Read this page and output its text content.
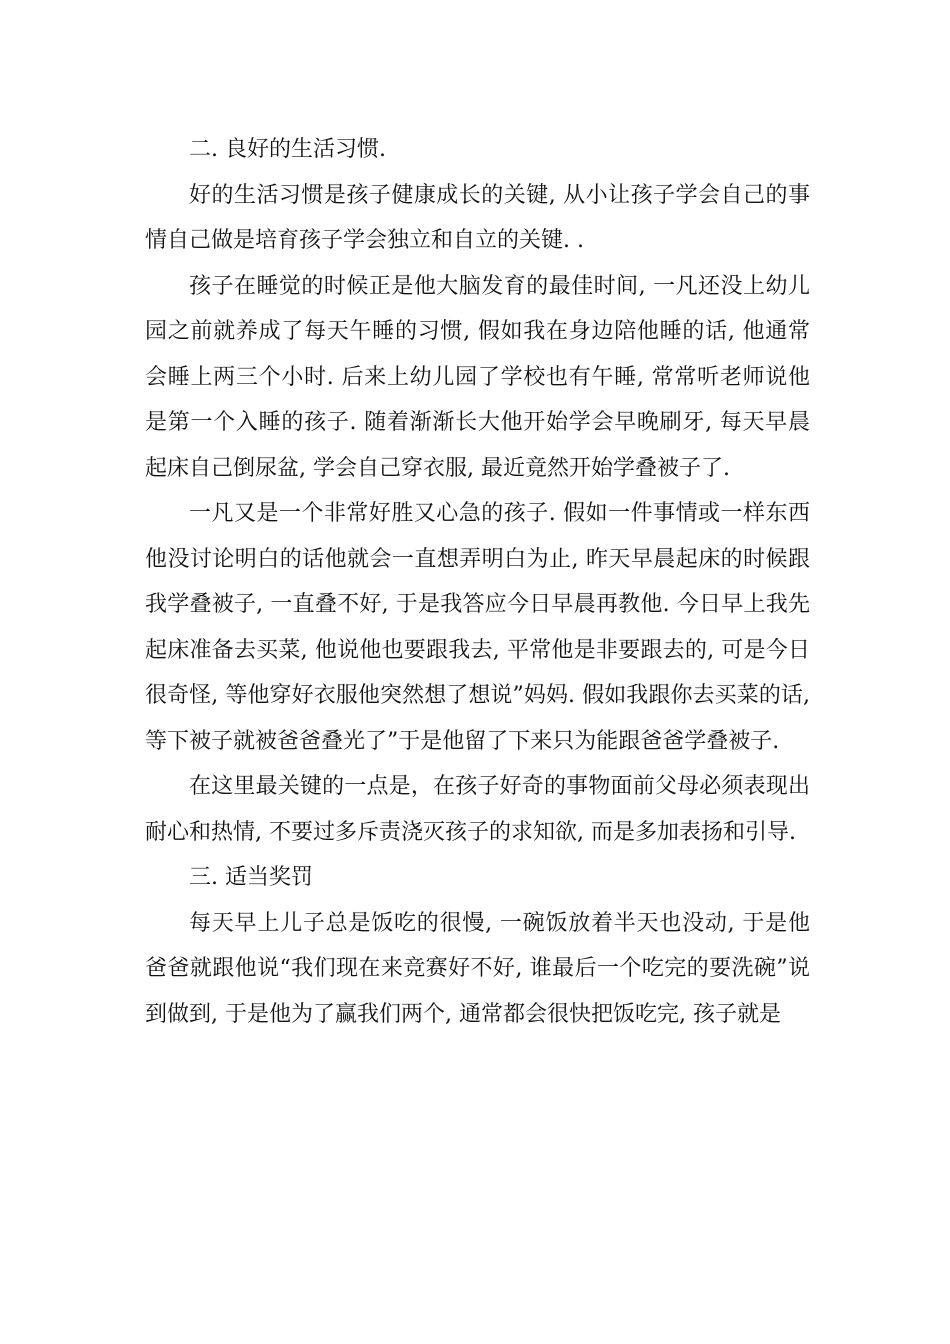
二. 良好的生活习惯.

好的生活习惯是孩子健康成长的关键, 从小让孩子学会自己的事情自己做是培育孩子学会独立和自立的关键. .

孩子在睡觉的时候正是他大脑发育的最佳时间, 一凡还没上幼儿园之前就养成了每天午睡的习惯, 假如我在身边陪他睡的话, 他通常会睡上两三个小时. 后来上幼儿园了学校也有午睡, 常常听老师说他是第一个入睡的孩子. 随着渐渐长大他开始学会早晚刷牙, 每天早晨起床自己倒尿盆, 学会自己穿衣服, 最近竟然开始学叠被子了.

一凡又是一个非常好胜又心急的孩子. 假如一件事情或一样东西他没讨论明白的话他就会一直想弄明白为止, 昨天早晨起床的时候跟我学叠被子, 一直叠不好, 于是我答应今日早晨再教他. 今日早上我先起床准备去买菜, 他说他也要跟我去, 平常他是非要跟去的, 可是今日很奇怪, 等他穿好衣服他突然想了想说”妈妈. 假如我跟你去买菜的话, 等下被子就被爸爸叠光了”于是他留了下来只为能跟爸爸学叠被子.

在这里最关键的一点是，在孩子好奇的事物面前父母必须表现出耐心和热情, 不要过多斥责浇灭孩子的求知欲, 而是多加表扬和引导.

三. 适当奖罚

每天早上儿子总是饭吃的很慢, 一碗饭放着半天也没动, 于是他爸爸就跟他说“我们现在来竞赛好不好, 谁最后一个吃完的要洗碗”说到做到, 于是他为了赢我们两个, 通常都会很快把饭吃完, 孩子就是
